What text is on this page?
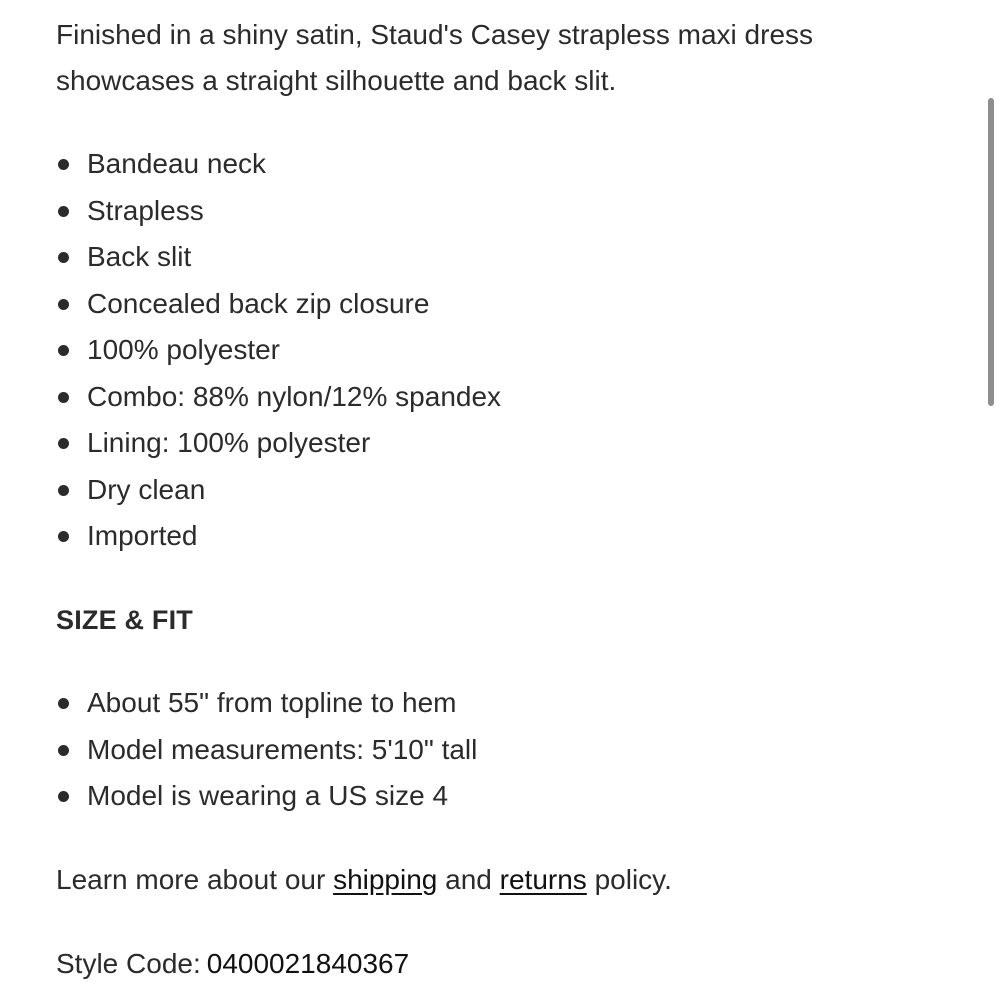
Finished in a shiny satin, Staud's Casey strapless maxi dress showcases a straight silhouette and back slit.

Bandeau neck
Strapless
Back slit
Concealed back zip closure
100% polyester
Combo: 88% nylon/12% spandex
Lining: 100% polyester
Dry clean
Imported
SIZE & FIT
About 55" from topline to hem
Model measurements: 5'10" tall
Model is wearing a US size 4

Learn more about our shipping and returns policy.

Style Code: 0400021840367
